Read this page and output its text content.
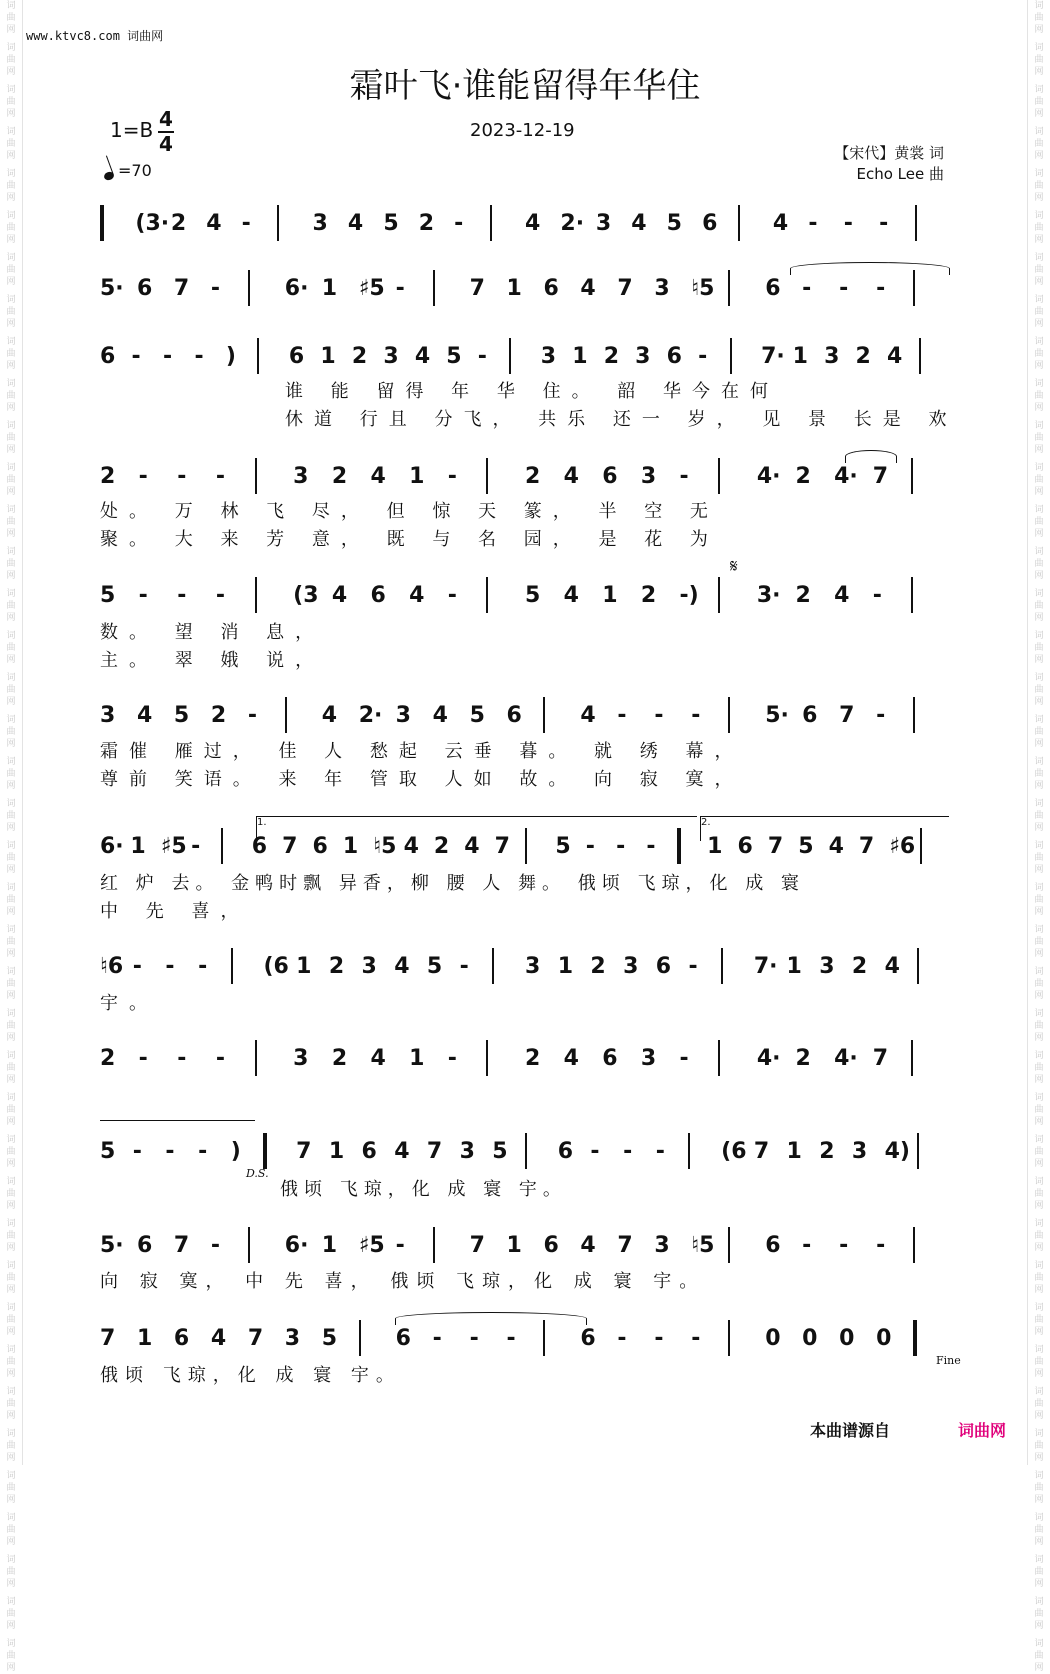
词
曲
网
词
曲
网
词
曲
网
词
曲
网
词
曲
网
词
曲
网
词
曲
网
词
曲
网
词
曲
网
词
曲
网
词
曲
网
词
曲
网
词
曲
网
词
曲
网
词
曲
网
词
曲
网
词
曲
网
词
曲
网
词
曲
网
词
曲
网
词
曲
网
词
曲
网
词
曲
网
词
曲
网
词
曲
网
词
曲
网
词
曲
网
词
曲
网
词
曲
网
词
曲
网
词
曲
网
词
曲
网
词
曲
网
词
曲
网
词
曲
网
词
曲
网
词
曲
网
词
曲
网
词
曲
网
词
曲
网
词
曲
网
词
曲
网
词
曲
网
词
曲
网
词
曲
网
词
曲
网
词
曲
网
词
曲
网
词
曲
网
词
曲
网
词
曲
网
词
曲
网
词
曲
网
词
曲
网
词
曲
网
词
曲
网
词
曲
网
词
曲
网
词
曲
网
词
曲
网
词
曲
网
词
曲
网
词
曲
网
词
曲
网
词
曲
网
词
曲
网
词
曲
网
词
曲
网
词
曲
网
词
曲
网
词
曲
网
词
曲
网
词
曲
网
词
曲
网
词
曲
网
词
曲
网
词
曲
网
词
曲
网
词
曲
网
词
曲
网
www.ktvc8.com 词曲网
霜叶飞·谁能留得年华住
2023-12-19
1=B 4
4
=70
【宋代】黄裳 词
Echo Lee 曲
(3· 2 4 -	3 4 5 2 -	4 2· 3 4 5 6	4 - - -
5· 6 7 -	6· 1 ♯5 -	7 1 6 4 7 3 ♮5 6 - - -
6 - - - ) 6 1 2 3 4 5 - 3 1 2 3 6 - 7· 1 3 2 4
2 - - -	3 2 4 1 -	2 4 6 3 -	4· 2 4· 7
5 - - -	(3 4 6 4 -	5 4 1 2 -)	3· 2 4 -
3 4 5 2 -	4 2· 3 4 5 6	4 - - -	5· 6 7 -
6· 1 ♯5 - 6 7 6 1 ♮5 4 2 4 7 5 - - - 1 6 7 5 4 7 ♯6
♮6 - - -	(6 1 2 3 4 5 -	3 1 2 3 6 -	7· 1 3 2 4
2 - - -	3 2 4 1 -	2 4 6 3 -	4· 2 4· 7
5 - - - )	7 1 6 4 7 3 5 6 - - -	(6 7 1 2 3 4)
5· 6 7 -	6· 1 ♯5 -	7 1 6 4 7 3 ♮5 6 - - -
7 1 6 4 7 3 5	6 - - -	6 - - -	0 0 0 0
谁 能 留得 年 华 住。 韶 华今在何
休道 行且 分飞， 共乐 还一 岁， 见 景 长是 欢
处。 万 林 飞 尽， 但 惊 天 篆， 半 空 无
聚。 大 来 芳 意， 既 与 名 园， 是 花 为
数。 望 消 息，
主。 翠 娥 说，
霜催 雁过， 佳 人 愁起 云垂 暮。 就 绣 幕，
尊前 笑语。 来 年 管取 人如 故。 向 寂 寞，
红 炉 去。 金鸭时飘 异香，柳 腰 人 舞。 俄顷 飞琼，化 成 寰
中 先 喜，
宇。
俄顷 飞琼，化 成 寰 宇。
向 寂 寞， 中 先 喜， 俄顷 飞琼，化 成 寰 宇。
俄顷 飞琼，化 成 寰 宇。
1.	2.
𝄋
D.S.
Fine
本曲谱源自	词曲网
